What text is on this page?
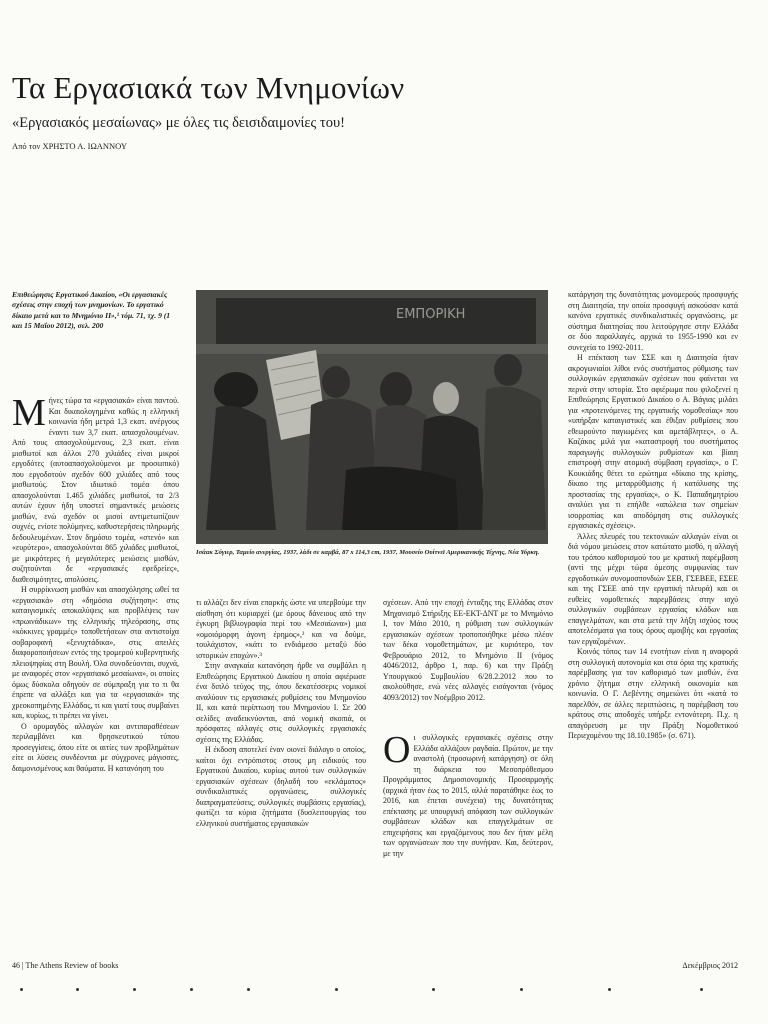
Τα Εργασιακά των Μνημονίων
«Εργασιακός μεσαίωνας» με όλες τις δεισιδαιμονίες του!
Από τον ΧΡΗΣΤΟ Α. ΙΩΑΝΝΟΥ
Επιθεώρησις Εργατικού Δικαίου, «Οι εργασιακές σχέσεις στην εποχή των μνημονίων. Το εργατικό δίκαιο μετά και το Μνημόνιο ΙΙ»,¹ τόμ. 71, τχ. 9 (1 και 15 Μαΐου 2012), σελ. 200
ΕΜΠΟΡΙΚΗ
Ισάακ Σόγιερ, Ταμείο ανεργίας, 1937, λάδι σε καμβά, 87 x 114,3 cm, 1937, Μουσείο Ουίτνεϊ Αμερικανικής Τέχνης, Νέα Υόρκη.

Μήνες τώρα τα «εργασιακά» είναι παντού. Και δικαιολογημένα καθώς η ελληνική κοινωνία ήδη μετρά 1,3 εκατ. ανέργους έναντι των 3,7 εκατ. απασχολουμένων. Από τους απασχολούμενους, 2,3 εκατ. είναι μισθωτοί και άλλοι 270 χιλιάδες είναι μικροί εργοδότες (αυτοαπασχολούμενοι με προσωπικό) που εργοδοτούν σχεδόν 600 χιλιάδες από τους μισθωτούς. Στον ιδιωτικό τομέα όπου απασχολούνται 1.465 χιλιάδες μισθωτοί, τα 2/3 αυτών έχουν ήδη υποστεί σημαντικές μειώσεις μισθών, ενώ σχεδόν οι μισοί αντιμετωπίζουν συχνές, ενίοτε πολύμηνες, καθυστερήσεις πληρωμής δεδουλευμένων. Στον δημόσιο τομέα, «στενό» και «ευρύτερο», απασχολούνται 865 χιλιάδες μισθωτοί, με μικρότερες ή μεγαλύτερες μειώσεις μισθών, συζητούνται δε «εργασιακές εφεδρείες», διαθεσιμότητες, απολύσεις.

Η συρρίκνωση μισθών και απασχόλησης ωθεί τα «εργασιακά» στη «δημόσια συζήτηση»: στις καταιγισμικές αποκαλύψεις και προβλέψεις των «πρωινάδικων» της ελληνικής τηλεόρασης, στις «κόκκινες γραμμές» τοποθετήσεων στα αντιστοίχα σοβαροφανή «ξενυχτάδικα», στις απειλές διαφοροποιήσεων εντός της τρομερού κυβερνητικής πλειοψηφίας στη Βουλή. Όλα συνοδεύονται, συχνά, με αναφορές στον «εργασιακό μεσαίωνα», οι οποίες όμως δύσκολα οδηγούν σε σύμπραξη για το τι θα έπρεπε να αλλάξει και για τα «εργασιακά» της χρεοκοπημένης Ελλάδας, τι και γιατί τους συμβαίνει και, κυρίως, τι πρέπει να γίνει.

Ο ορυμαγδός αλλαγών και αντιπαραθέσεων περιλαμβάνει και θρησκευτικού τύπου προσεγγίσεις, όπου είτε οι αιτίες των προβλημάτων είτε οι λύσεις συνδέονται με σύγχρονες μάγισσες, δαιμονισμένους και θαύματα. Η κατανόηση του

τι αλλάζει δεν είναι επαρκής ώστε να υπερβούμε την αίσθηση ότι κυριαρχεί (με όρους δάνειους από την έγκυρη βιβλιογραφία περί του «Μεσαίωνα») μια «ομοιόμορφη άγονη έρημος»,² και να δούμε, τουλάχιστον, «κάτι το ενδιάμεσο μεταξύ δύο ιστορικών εποχών».³

Στην αναγκαία κατανόηση ήρθε να συμβάλει η Επιθεώρησις Εργατικού Δικαίου η οποία αφιέρωσε ένα διπλό τεύχος της, όπου δεκατέσσερις νομικοί αναλύουν τις εργασιακές ρυθμίσεις του Μνημονίου ΙΙ, και κατά περίπτωση του Μνημονίου Ι. Σε 200 σελίδες αναδεικνύονται, από νομική σκοπιά, οι πρόσφατες αλλαγές στις συλλογικές εργασιακές σχέσεις της Ελλάδας.

Η έκδοση αποτελεί έναν οιονεί διάλογο ο οποίος, καίτοι όχι εντρόπιστος στους μη ειδικούς του Εργατικού Δικαίου, κυρίως αυτού των συλλογικών εργασιακών σχέσεων (δηλαδή του «εκλάματος» συνδικαλιστικές οργανώσεις, συλλογικές διαπραγματεύσεις, συλλογικές συμβάσεις εργασίας), φωτίζει τα κύρια ζητήματα (δυσλειτουργίας του ελληνικού συστήματος εργασιακών

σχέσεων. Από την εποχή ένταξης της Ελλάδας στον Μηχανισμό Στήριξης ΕΕ-ΕΚΤ-ΔΝΤ με το Μνημόνιο Ι, τον Μάιο 2010, η ρύθμιση των συλλογικών εργασιακών σχέσεων τροποποιήθηκε μέσω πλέον των δέκα νομοθετημάτων, με κυριότερο, τον Φεβρουάριο 2012, το Μνημόνιο ΙΙ (νόμος 4046/2012, άρθρο 1, παρ. 6) και την Πράξη Υπουργικού Συμβουλίου 6/28.2.2012 που το ακολούθησε, ενώ νέες αλλαγές εισάγονται (νόμος 4093/2012) τον Νοέμβριο 2012.

Οι συλλογικές εργασιακές σχέσεις στην Ελλάδα αλλάζουν ραγδαία. Πρώτον, με την αναστολή (προσωρινή κατάργηση) σε όλη τη διάρκεια του Μεσοπρόθεσμου Προγράμματος Δημοσιονομικής Προσαρμογής (αρχικά ήταν έως το 2015, αλλά παρατάθηκε έως το 2016, και έπεται συνέχεια) της δυνατότητας επέκτασης με υπουργική απόφαση των συλλογικών συμβάσεων κλάδων και επαγγελμάτων σε επιχειρήσεις και εργαζόμενους που δεν ήταν μέλη των οργανώσεων που την συνήψαν. Και, δεύτερον, με την

κατάργηση της δυνατότητας μονομερούς προσφυγής στη Διαιτησία, την οποία προσφυγή ασκούσαν κατά κανόνα εργατικές συνδικαλιστικές οργανώσεις, με σύστημα διαιτησίας που λειτούργησε στην Ελλάδα σε δύο παραλλαγές, αρχικά το 1955-1990 και εν συνεχεία το 1992-2011.

Η επέκταση των ΣΣΕ και η Διαιτησία ήταν ακρογωνιαίοι λίθοι ενός συστήματος ρύθμισης των συλλογικών εργασιακών σχέσεων που φαίνεται να περνά στην ιστορία. Στο αφιέρωμα που φιλοξενεί η Επιθεώρησις Εργατικού Δικαίου ο Α. Βάγιας μιλάει για «προτεινόμενες της εργατικής νομοθεσίας» που «υπήρξαν καταιγιστικές και έθιξαν ρυθμίσεις που εθεωρούντο παγιωμένες και αμετάβλητες», ο Α. Καζάκος μιλά για «καταστροφή του συστήματος παραγωγής συλλογικών ρυθμίσεων και βίαιη επιστροφή στην ατομική σύμβαση εργασίας», ο Γ. Κουκιάδης θέτει το ερώτημα «δίκαιο της κρίσης, δίκαιο της μεταρρύθμισης ή κατάλυσης της προστασίας της εργασίας», ο Κ. Παπαδημητρίου αναλύει για τι επήλθε «απώλεια των σημείων ισορροπίας και αποδόμηση στις συλλογικές εργασιακές σχέσεις».

Άλλες πλευρές του τεκτονικών αλλαγών είναι οι διά νόμου μειώσεις στον κατώτατο μισθό, η αλλαγή του τρόπου καθορισμού του με κρατική παρέμβαση (αντί της μέχρι τώρα άμεσης συμφωνίας των εργοδοτικών συνομοσπονδιών ΣΕΒ, ΓΣΕΒΕΕ, ΕΣΕΕ και της ΓΣΕΕ από την εργατική πλευρά) και οι ευθείες νομοθετικές παρεμβάσεις στην ισχύ συλλογικών συμβάσεων εργασίας κλάδων και επαγγελμάτων, και στα μετά την λήξη ισχύος τους αποτελέσματα για τους όρους αμοιβής και εργασίας των εργαζομένων.

Κοινός τόπος των 14 ενοτήτων είναι η αναφορά στη συλλογική αυτονομία και στα όρια της κρατικής παρέμβασης για τον καθορισμό των μισθών, ένα χρόνιο ζήτημα στην ελληνική οικονομία και κοινωνία. Ο Γ. Λεβέντης σημειώνει ότι «κατά το παρελθόν, σε άλλες περιπτώσεις, η παρέμβαση του κράτους στις αποδοχές υπήρξε εντονότερη. Π.χ. η απαγόρευση με την Πράξη Νομοθετικού Περιεχομένου της 18.10.1985» (σ. 671).

46 | The Athens Review of books	Δεκέμβριος 2012
